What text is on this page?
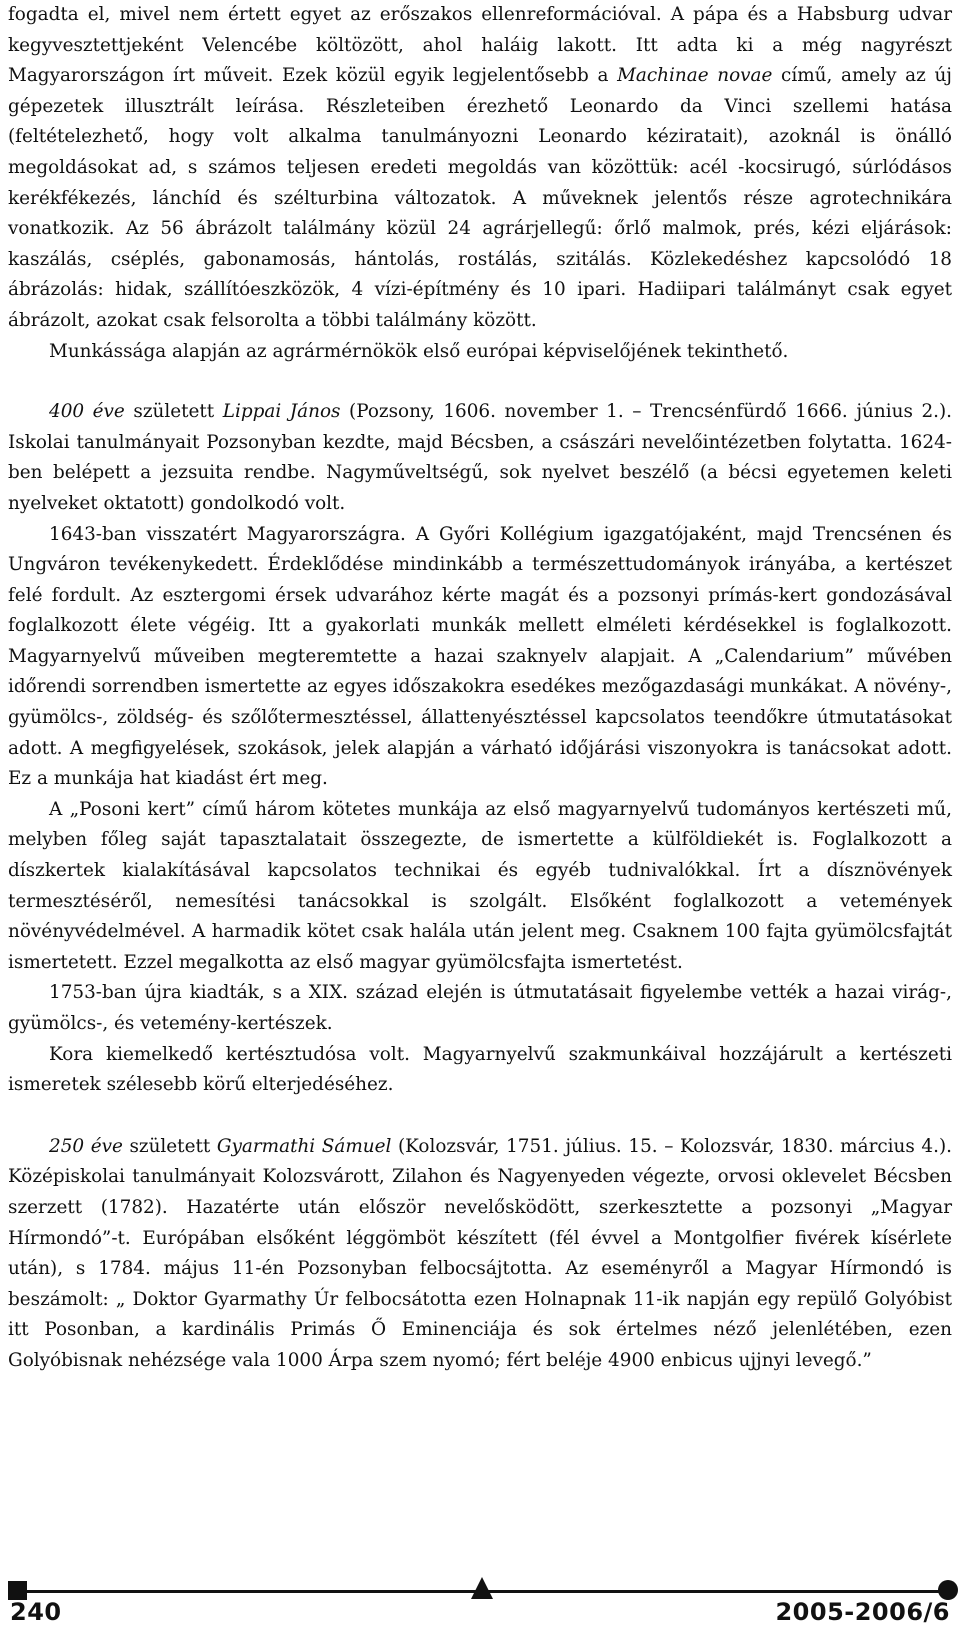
fogadta el, mivel nem értett egyet az erőszakos ellenreformációval. A pápa és a Habsburg udvar kegyvesztettjeként Velencébe költözött, ahol haláig lakott. Itt adta ki a még nagyrészt Magyarországon írt műveit. Ezek közül egyik legjelentősebb a Machinae novae című, amely az új gépezetek illusztrált leírása. Részleteiben érezhető Leonardo da Vinci szellemi hatása (feltételezhető, hogy volt alkalma tanulmányozni Leonardo kéziratait), azoknál is önálló megoldásokat ad, s számos teljesen eredeti megoldás van közöttük: acél -kocsirugó, súrlódásos kerékfékezés, lánchíd és szélturbina változatok. A műveknek jelentős része agrotechnikára vonatkozik. Az 56 ábrázolt találmány közül 24 agrárjellegű: őrlő malmok, prés, kézi eljárások: kaszálás, cséplés, gabonamosás, hántolás, rostálás, szitálás. Közlekedéshez kapcsolódó 18 ábrázolás: hidak, szállítóeszközök, 4 vízi-építmény és 10 ipari. Hadiipari találmányt csak egyet ábrázolt, azokat csak felsorolta a többi találmány között.

Munkássága alapján az agrármérnökök első európai képviselőjének tekinthető.

400 éve született Lippai János (Pozsony, 1606. november 1. – Trencsénfürdő 1666. június 2.). Iskolai tanulmányait Pozsonyban kezdte, majd Bécsben, a császári nevelőintézetben folytatta. 1624-ben belépett a jezsuita rendbe. Nagyműveltségű, sok nyelvet beszélő (a bécsi egyetemen keleti nyelveket oktatott) gondolkodó volt.

1643-ban visszatért Magyarországra. A Győri Kollégium igazgatójaként, majd Trencsénen és Ungváron tevékenykedett. Érdeklődése mindinkább a természettudományok irányába, a kertészet felé fordult. Az esztergomi érsek udvarához kérte magát és a pozsonyi prímás-kert gondozásával foglalkozott élete végéig. Itt a gyakorlati munkák mellett elméleti kérdésekkel is foglalkozott. Magyarnyelvű műveiben megteremtette a hazai szaknyelv alapjait. A „Calendarium” művében időrendi sorrendben ismertette az egyes időszakokra esedékes mezőgazdasági munkákat. A növény-, gyümölcs-, zöldség- és szőlőtermesztéssel, állattenyésztéssel kapcsolatos teendőkre útmutatásokat adott. A megfigyelések, szokások, jelek alapján a várható időjárási viszonyokra is tanácsokat adott. Ez a munkája hat kiadást ért meg.

A „Posoni kert” című három kötetes munkája az első magyarnyelvű tudományos kertészeti mű, melyben főleg saját tapasztalatait összegezte, de ismertette a külföldiekét is. Foglalkozott a díszkertek kialakításával kapcsolatos technikai és egyéb tudnivalókkal. Írt a dísznövények termesztéséről, nemesítési tanácsokkal is szolgált. Elsőként foglalkozott a vetemények növényvédelmével. A harmadik kötet csak halála után jelent meg. Csaknem 100 fajta gyümölcsfajtát ismertetett. Ezzel megalkotta az első magyar gyümölcsfajta ismertetést.

1753-ban újra kiadták, s a XIX. század elején is útmutatásait figyelembe vették a hazai virág-, gyümölcs-, és vetemény-kertészek.

Kora kiemelkedő kertésztudósa volt. Magyarnyelvű szakmunkáival hozzájárult a kertészeti ismeretek szélesebb körű elterjedéséhez.

250 éve született Gyarmathi Sámuel (Kolozsvár, 1751. július. 15. – Kolozsvár, 1830. március 4.). Középiskolai tanulmányait Kolozsvárott, Zilahon és Nagyenyeden végezte, orvosi oklevelet Bécsben szerzett (1782). Hazatérte után először nevelősködött, szerkesztette a pozsonyi „Magyar Hírmondó”-t. Európában elsőként léggömböt készített (fél évvel a Montgolfier fivérek kísérlete után), s 1784. május 11-én Pozsonyban felbocsájtotta. Az eseményről a Magyar Hírmondó is beszámolt: „ Doktor Gyarmathy Úr felbocsátotta ezen Holnapnak 11-ik napján egy repülő Golyóbist itt Posonban, a kardinális Primás Ő Eminenciája és sok értelmes néző jelenlétében, ezen Golyóbisnak nehézsége vala 1000 Árpa szem nyomó; fért beléje 4900 enbicus ujjnyi levegő.”

240	2005-2006/6
